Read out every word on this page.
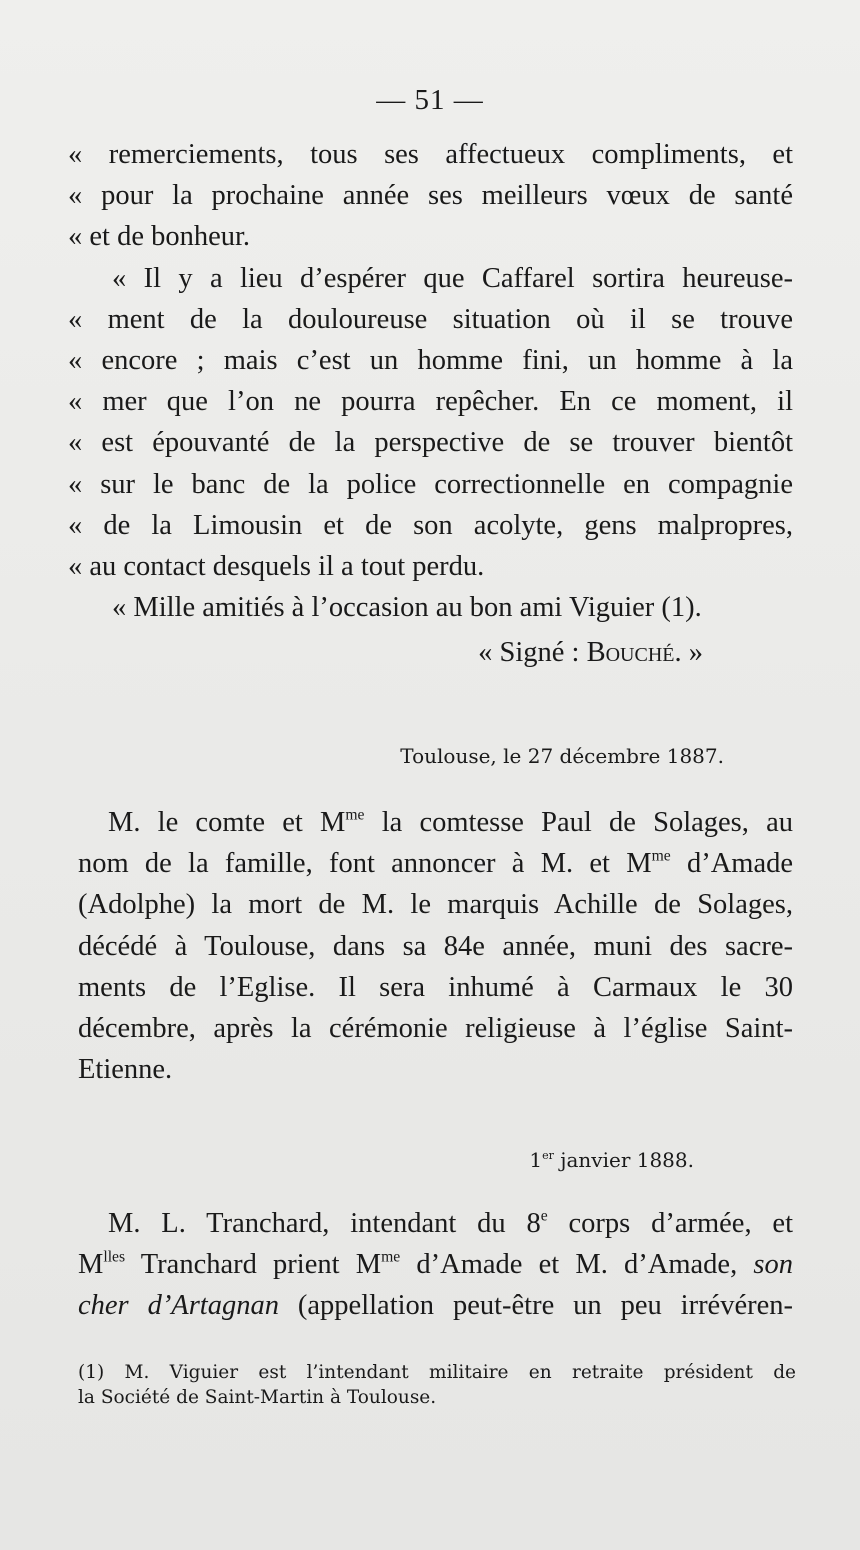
— 51 —
« remerciements, tous ses affectueux compliments, et
« pour la prochaine année ses meilleurs vœux de santé
« et de bonheur.
« Il y a lieu d’espérer que Caffarel sortira heureuse-
« ment de la douloureuse situation où il se trouve
« encore ; mais c’est un homme fini, un homme à la
« mer que l’on ne pourra repêcher. En ce moment, il
« est épouvanté de la perspective de se trouver bientôt
« sur le banc de la police correctionnelle en compagnie
« de la Limousin et de son acolyte, gens malpropres,
« au contact desquels il a tout perdu.
« Mille amitiés à l’occasion au bon ami Viguier (1).
« Signé : Bouché. »
Toulouse, le 27 décembre 1887.
M. le comte et $M^{me}$ la comtesse Paul de Solages, au
nom de la famille, font annoncer à M. et $M^{me}$ d’Amade
(Adolphe) la mort de M. le marquis Achille de Solages,
décédé à Toulouse, dans sa 84e année, muni des sacre-
ments de l’Eglise. Il sera inhumé à Carmaux le 30
décembre, après la cérémonie religieuse à l’église Saint-
Etienne.
1er janvier 1888.
M. L. Tranchard, intendant du 8e corps d’armée, et
$M^{lles}$ Tranchard prient $M^{me}$ d’Amade et M. d’Amade, son
cher d’Artagnan (appellation peut-être un peu irrévéren-
(1) M. Viguier est l’intendant militaire en retraite président de
la Société de Saint-Martin à Toulouse.
